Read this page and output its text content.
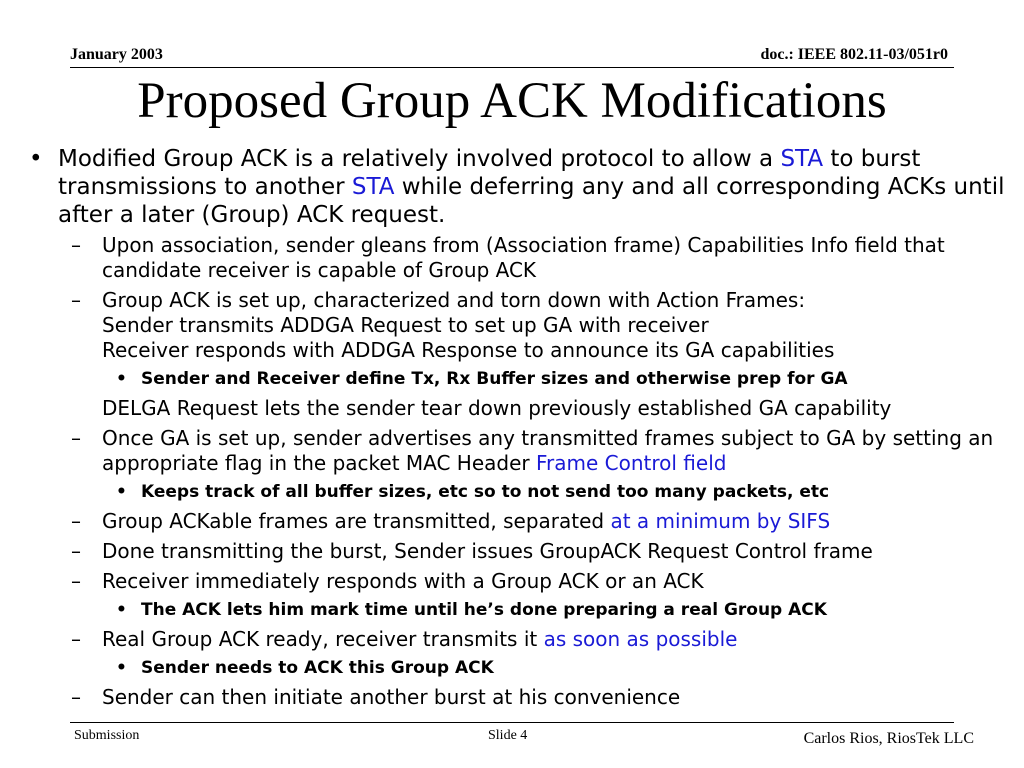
January 2003	doc.: IEEE 802.11-03/051r0
Proposed Group ACK Modifications
• Modified Group ACK is a relatively involved protocol to allow a STA to burst transmissions to another STA while deferring any and all corresponding ACKs until after a later (Group) ACK request.
– Upon association, sender gleans from (Association frame) Capabilities Info field that candidate receiver is capable of Group ACK
– Group ACK is set up, characterized and torn down with Action Frames:
Sender transmits ADDGA Request to set up GA with receiver
Receiver responds with ADDGA Response to announce its GA capabilities
• Sender and Receiver define Tx, Rx Buffer sizes and otherwise prep for GA
DELGA Request lets the sender tear down previously established GA capability
– Once GA is set up, sender advertises any transmitted frames subject to GA by setting an appropriate flag in the packet MAC Header Frame Control field
• Keeps track of all buffer sizes, etc so to not send too many packets, etc
– Group ACKable frames are transmitted, separated at a minimum by SIFS
– Done transmitting the burst, Sender issues GroupACK Request Control frame
– Receiver immediately responds with a Group ACK or an ACK
• The ACK lets him mark time until he’s done preparing a real Group ACK
– Real Group ACK ready, receiver transmits it as soon as possible
• Sender needs to ACK this Group ACK
– Sender can then initiate another burst at his convenience
Submission	Slide 4	Carlos Rios, RiosTek LLC
